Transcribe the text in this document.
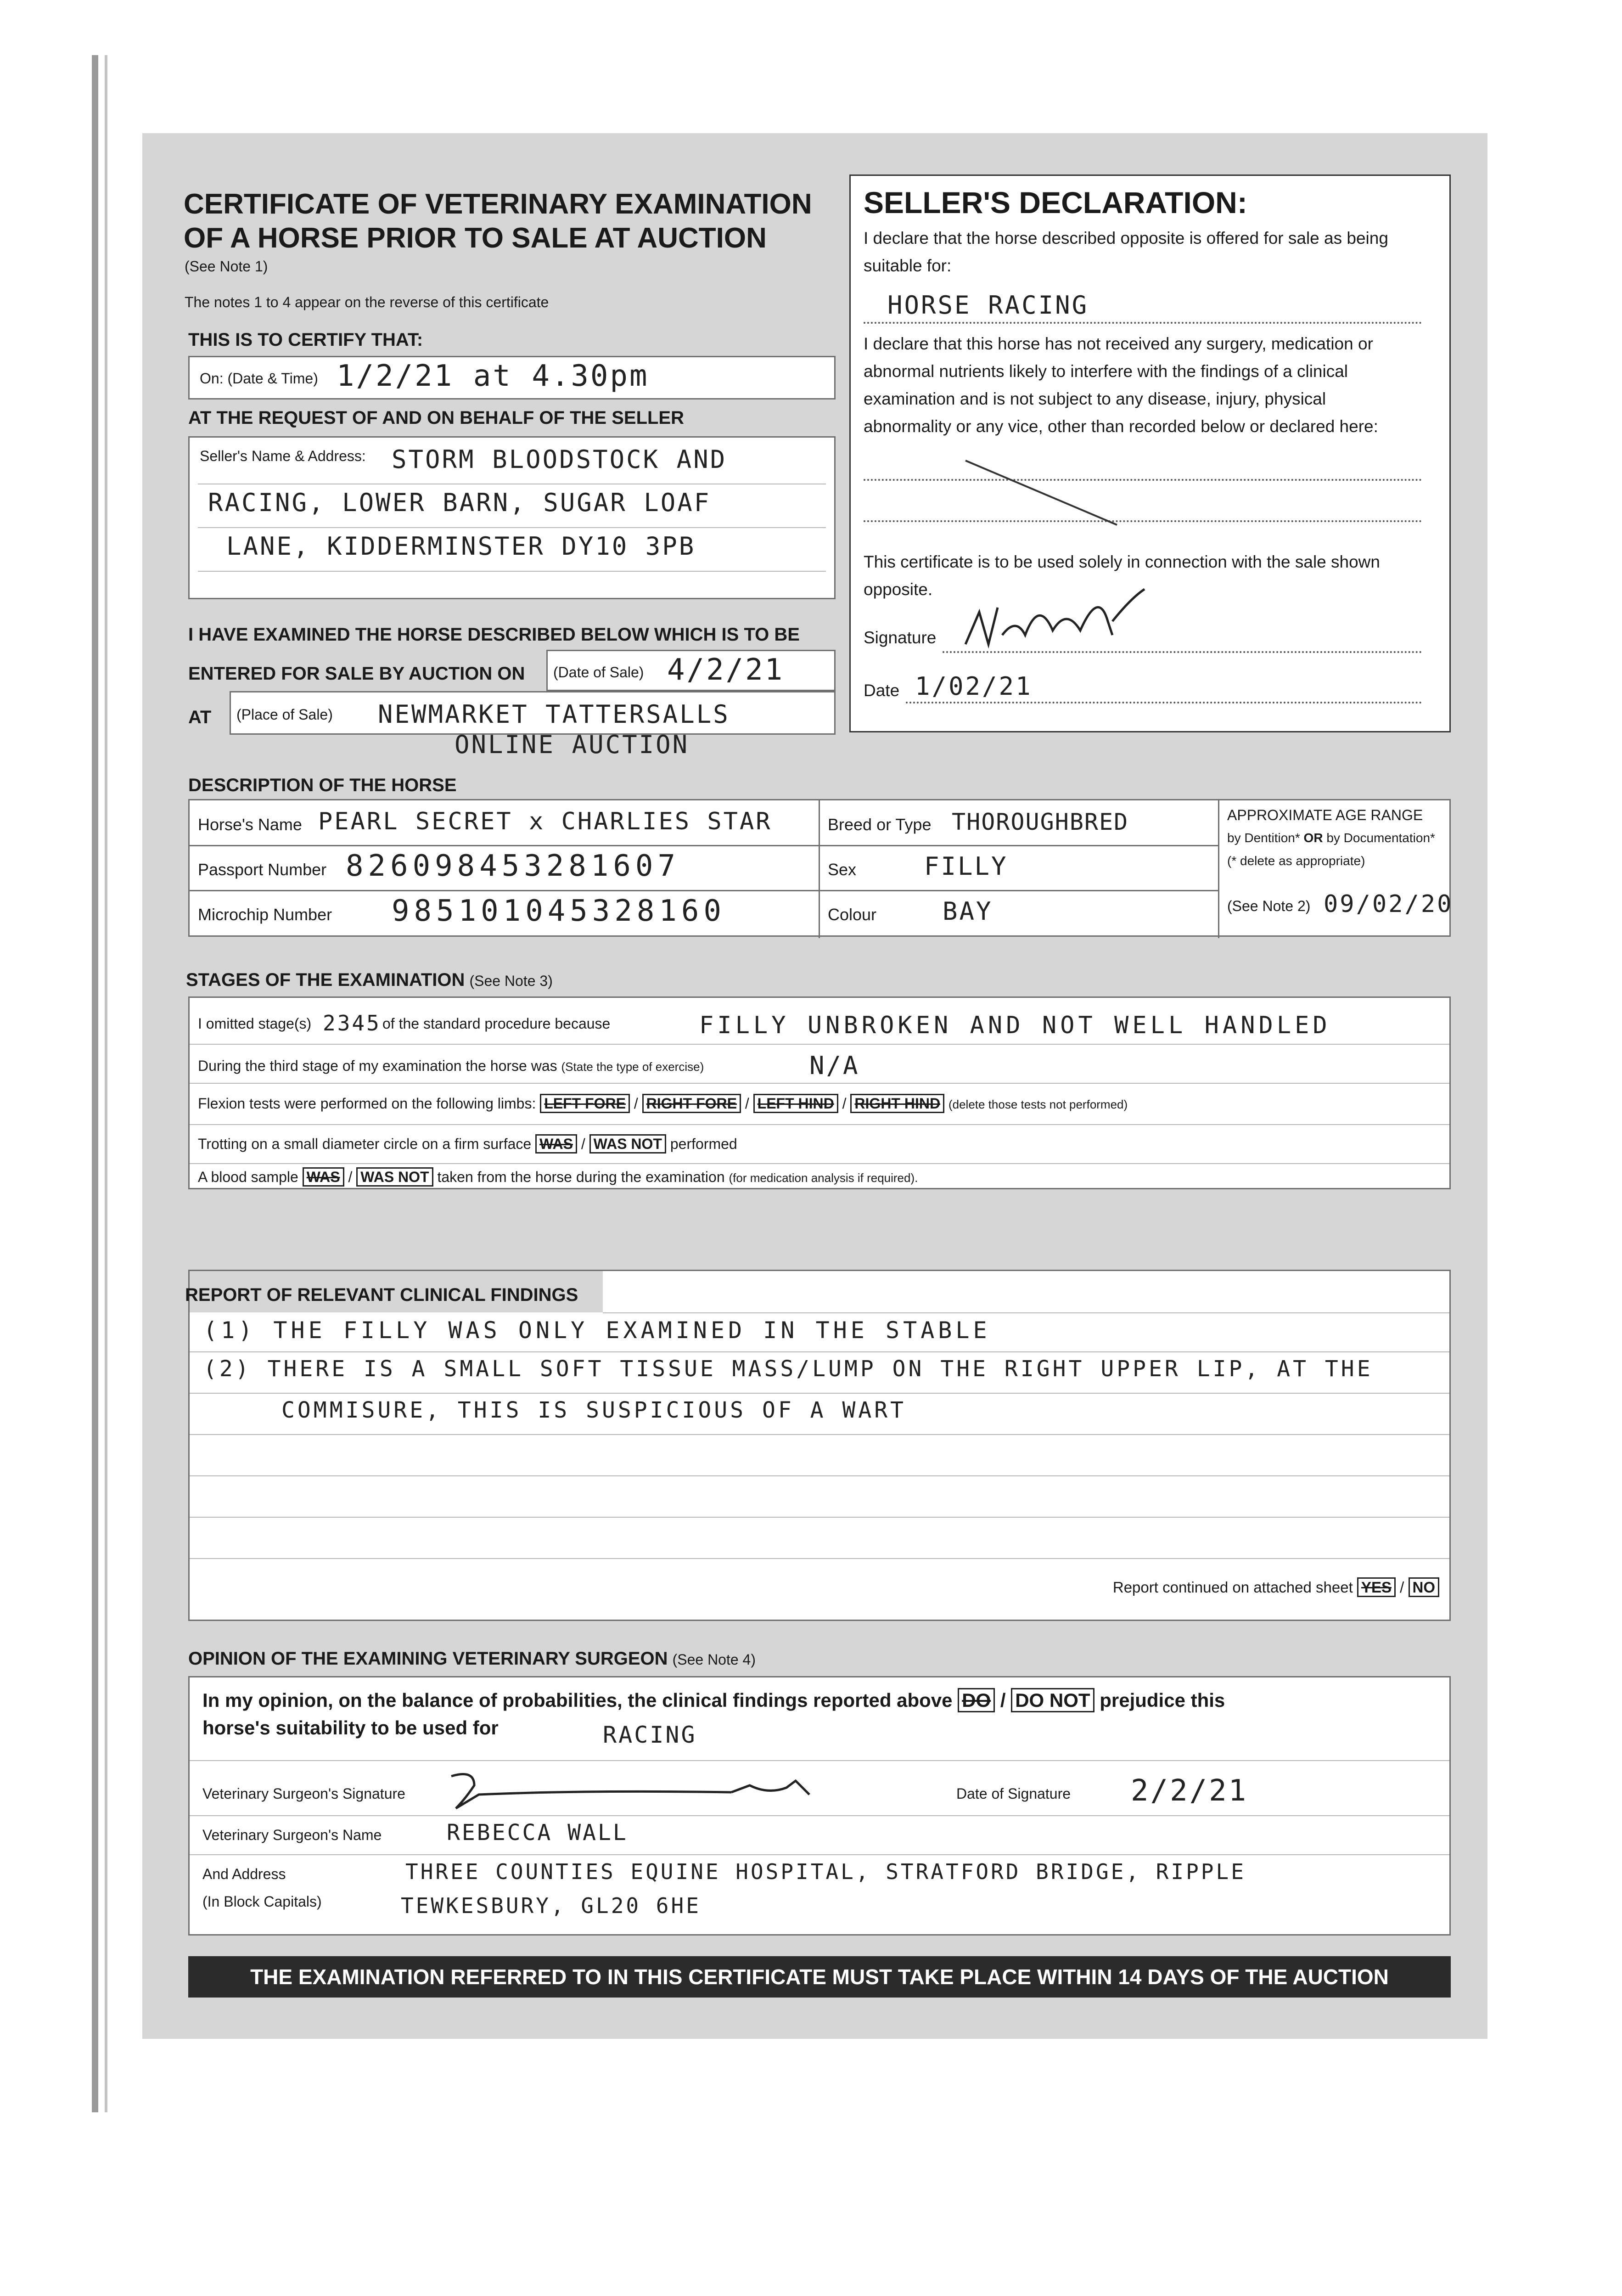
CERTIFICATE OF VETERINARY EXAMINATION
OF A HORSE PRIOR TO SALE AT AUCTION
(See Note 1)
The notes 1 to 4 appear on the reverse of this certificate
THIS IS TO CERTIFY THAT:
On: (Date & Time) 1/2/21 at 4.30pm
AT THE REQUEST OF AND ON BEHALF OF THE SELLER
Seller's Name & Address: STORM BLOODSTOCK AND
RACING, LOWER BARN, SUGAR LOAF
LANE, KIDDERMINSTER DY10 3PB
I HAVE EXAMINED THE HORSE DESCRIBED BELOW WHICH IS TO BE
ENTERED FOR SALE BY AUCTION ON (Date of Sale) 4/2/21
AT (Place of Sale) NEWMARKET TATTERSALLS
ONLINE AUCTION
SELLER'S DECLARATION:
I declare that the horse described opposite is offered for sale as being
suitable for:
HORSE RACING
I declare that this horse has not received any surgery, medication or
abnormal nutrients likely to interfere with the findings of a clinical
examination and is not subject to any disease, injury, physical
abnormality or any vice, other than recorded below or declared here:
This certificate is to be used solely in connection with the sale shown
opposite.
Signature
Date 1/02/21
DESCRIPTION OF THE HORSE
Horse's Name PEARL SECRET x CHARLIES STAR
Passport Number 826098453281607
Microchip Number 985101045328160
Breed or Type THOROUGHBRED
Sex	FILLY
Colour	BAY
APPROXIMATE AGE RANGE
by Dentition* OR by Documentation*
(* delete as appropriate)
(See Note 2) 09/02/20
STAGES OF THE EXAMINATION (See Note 3)
I omitted stage(s) 2345 of the standard procedure because	FILLY UNBROKEN AND NOT WELL HANDLED
During the third stage of my examination the horse was (State the type of exercise)	N/A
Flexion tests were performed on the following limbs: LEFT FORE / RIGHT FORE / LEFT HIND / RIGHT HIND (delete those tests not performed)
Trotting on a small diameter circle on a firm surface WAS / WAS NOT performed
A blood sample WAS / WAS NOT taken from the horse during the examination (for medication analysis if required).
REPORT OF RELEVANT CLINICAL FINDINGS
(1) THE FILLY WAS ONLY EXAMINED IN THE STABLE
(2) THERE IS A SMALL SOFT TISSUE MASS/LUMP ON THE RIGHT UPPER LIP, AT THE
COMMISURE, THIS IS SUSPICIOUS OF A WART
Report continued on attached sheet YES / NO
OPINION OF THE EXAMINING VETERINARY SURGEON (See Note 4)
In my opinion, on the balance of probabilities, the clinical findings reported above DO / DO NOT prejudice this
horse's suitability to be used for	RACING
Veterinary Surgeon's Signature	Date of Signature 2/2/21
Veterinary Surgeon's Name	REBECCA WALL
And Address
(In Block Capitals)
THREE COUNTIES EQUINE HOSPITAL, STRATFORD BRIDGE, RIPPLE
TEWKESBURY, GL20 6HE
THE EXAMINATION REFERRED TO IN THIS CERTIFICATE MUST TAKE PLACE WITHIN 14 DAYS OF THE AUCTION
